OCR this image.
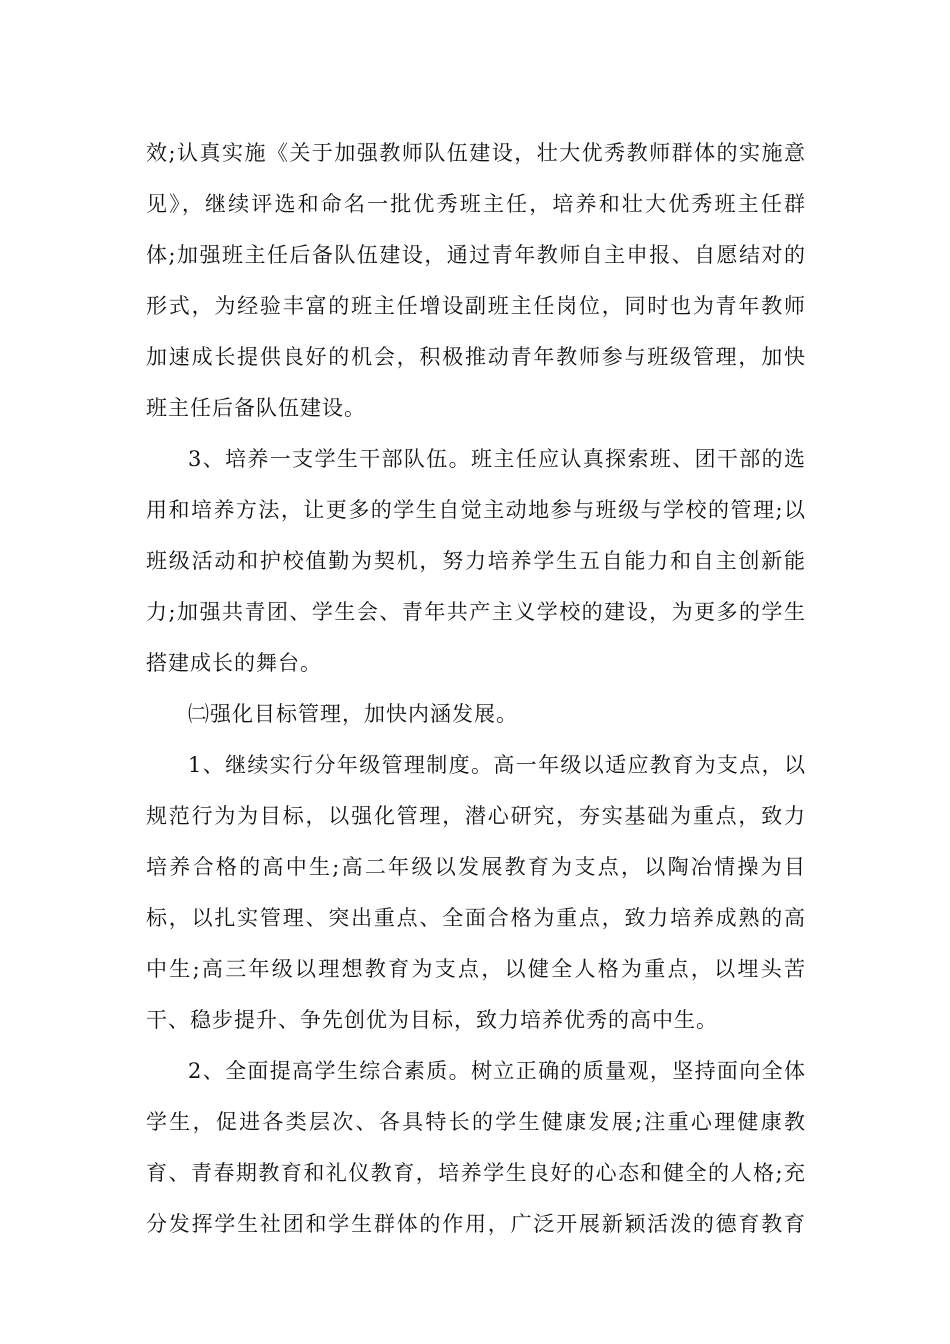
效;认真实施《关于加强教师队伍建设，壮大优秀教师群体的实施意
见》，继续评选和命名一批优秀班主任，培养和壮大优秀班主任群
体;加强班主任后备队伍建设，通过青年教师自主申报、自愿结对的
形式，为经验丰富的班主任增设副班主任岗位，同时也为青年教师
加速成长提供良好的机会，积极推动青年教师参与班级管理，加快
班主任后备队伍建设。
3、培养一支学生干部队伍。班主任应认真探索班、团干部的选
用和培养方法，让更多的学生自觉主动地参与班级与学校的管理;以
班级活动和护校值勤为契机，努力培养学生五自能力和自主创新能
力;加强共青团、学生会、青年共产主义学校的建设，为更多的学生
搭建成长的舞台。
㈡强化目标管理，加快内涵发展。
1、继续实行分年级管理制度。高一年级以适应教育为支点，以
规范行为为目标，以强化管理，潜心研究，夯实基础为重点，致力
培养合格的高中生;高二年级以发展教育为支点，以陶冶情操为目
标，以扎实管理、突出重点、全面合格为重点，致力培养成熟的高
中生;高三年级以理想教育为支点，以健全人格为重点，以埋头苦
干、稳步提升、争先创优为目标，致力培养优秀的高中生。
2、全面提高学生综合素质。树立正确的质量观，坚持面向全体
学生，促进各类层次、各具特长的学生健康发展;注重心理健康教
育、青春期教育和礼仪教育，培养学生良好的心态和健全的人格;充
分发挥学生社团和学生群体的作用，广泛开展新颖活泼的德育教育
